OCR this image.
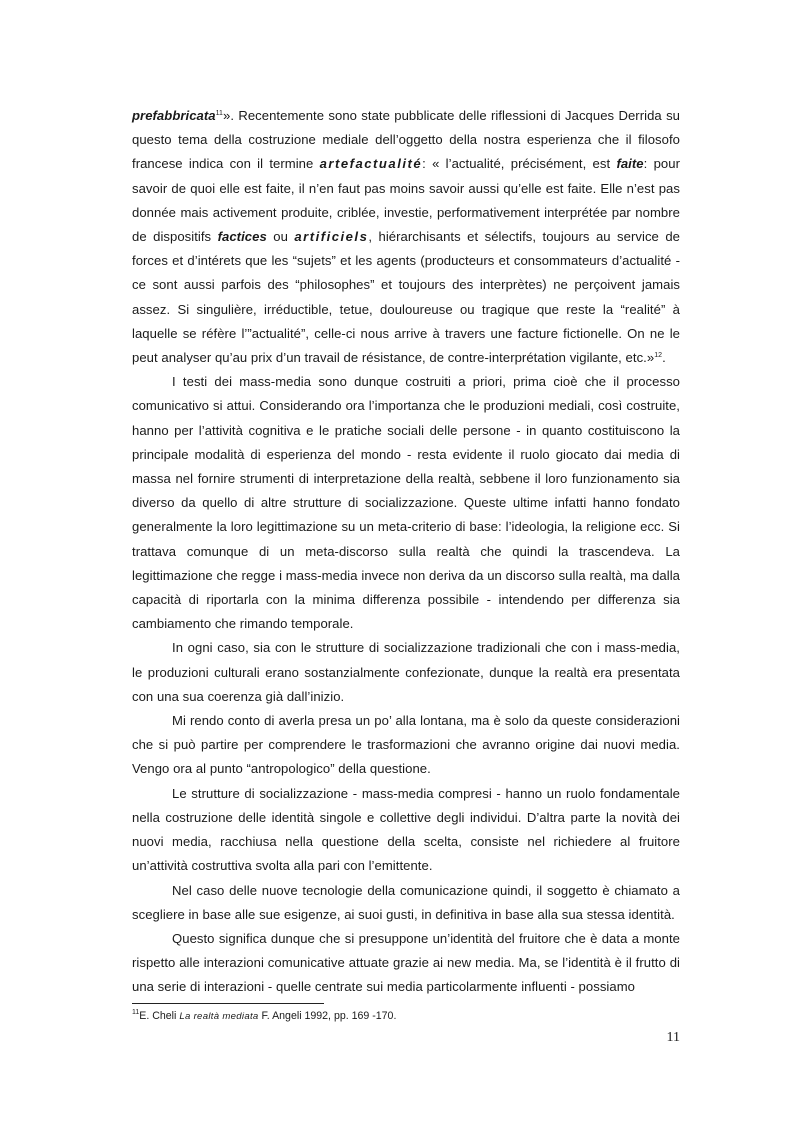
prefabbricata$^{11}$». Recentemente sono state pubblicate delle riflessioni di Jacques Derrida su questo tema della costruzione mediale dell’oggetto della nostra esperienza che il filosofo francese indica con il termine artefactualité: « l’actualité, précisément, est faite: pour savoir de quoi elle est faite, il n’en faut pas moins savoir aussi qu’elle est faite. Elle n’est pas donnée mais activement produite, criblée, investie, performativement interprétée par nombre de dispositifs factices ou artificiels, hiérarchisants et sélectifs, toujours au service de forces et d’intérets que les “sujets” et les agents (producteurs et consommateurs d’actualité - ce sont aussi parfois des “philosophes” et toujours des interprètes) ne perçoivent jamais assez. Si singulière, irréductible, tetue, douloureuse ou tragique que reste la “realité” à laquelle se réfère l’”actualité”, celle-ci nous arrive à travers une facture fictionelle. On ne le peut analyser qu’au prix d’un travail de résistance, de contre-interprétation vigilante, etc.»$^{12}$.

I testi dei mass-media sono dunque costruiti a priori, prima cioè che il processo comunicativo si attui. Considerando ora l’importanza che le produzioni mediali, così costruite, hanno per l’attività cognitiva e le pratiche sociali delle persone - in quanto costituiscono la principale modalità di esperienza del mondo - resta evidente il ruolo giocato dai media di massa nel fornire strumenti di interpretazione della realtà, sebbene il loro funzionamento sia diverso da quello di altre strutture di socializzazione. Queste ultime infatti hanno fondato generalmente la loro legittimazione su un meta-criterio di base: l’ideologia, la religione ecc. Si trattava comunque di un meta-discorso sulla realtà che quindi la trascendeva. La legittimazione che regge i mass-media invece non deriva da un discorso sulla realtà, ma dalla capacità di riportarla con la minima differenza possibile - intendendo per differenza sia cambiamento che rimando temporale.

In ogni caso, sia con le strutture di socializzazione tradizionali che con i mass-media, le produzioni culturali erano sostanzialmente confezionate, dunque la realtà era presentata con una sua coerenza già dall’inizio.

Mi rendo conto di averla presa un po’ alla lontana, ma è solo da queste considerazioni che si può partire per comprendere le trasformazioni che avranno origine dai nuovi media. Vengo ora al punto “antropologico” della questione.

Le strutture di socializzazione - mass-media compresi - hanno un ruolo fondamentale nella costruzione delle identità singole e collettive degli individui. D’altra parte la novità dei nuovi media, racchiusa nella questione della scelta, consiste nel richiedere al fruitore un’attività costruttiva svolta alla pari con l’emittente.

Nel caso delle nuove tecnologie della comunicazione quindi, il soggetto è chiamato a scegliere in base alle sue esigenze, ai suoi gusti, in definitiva in base alla sua stessa identità.

Questo significa dunque che si presuppone un’identità del fruitore che è data a monte rispetto alle interazioni comunicative attuate grazie ai new media. Ma, se l’identità è il frutto di una serie di interazioni - quelle centrate sui media particolarmente influenti - possiamo

$^{11}$E. Cheli La realtà mediata F. Angeli 1992, pp. 169 -170.
11
